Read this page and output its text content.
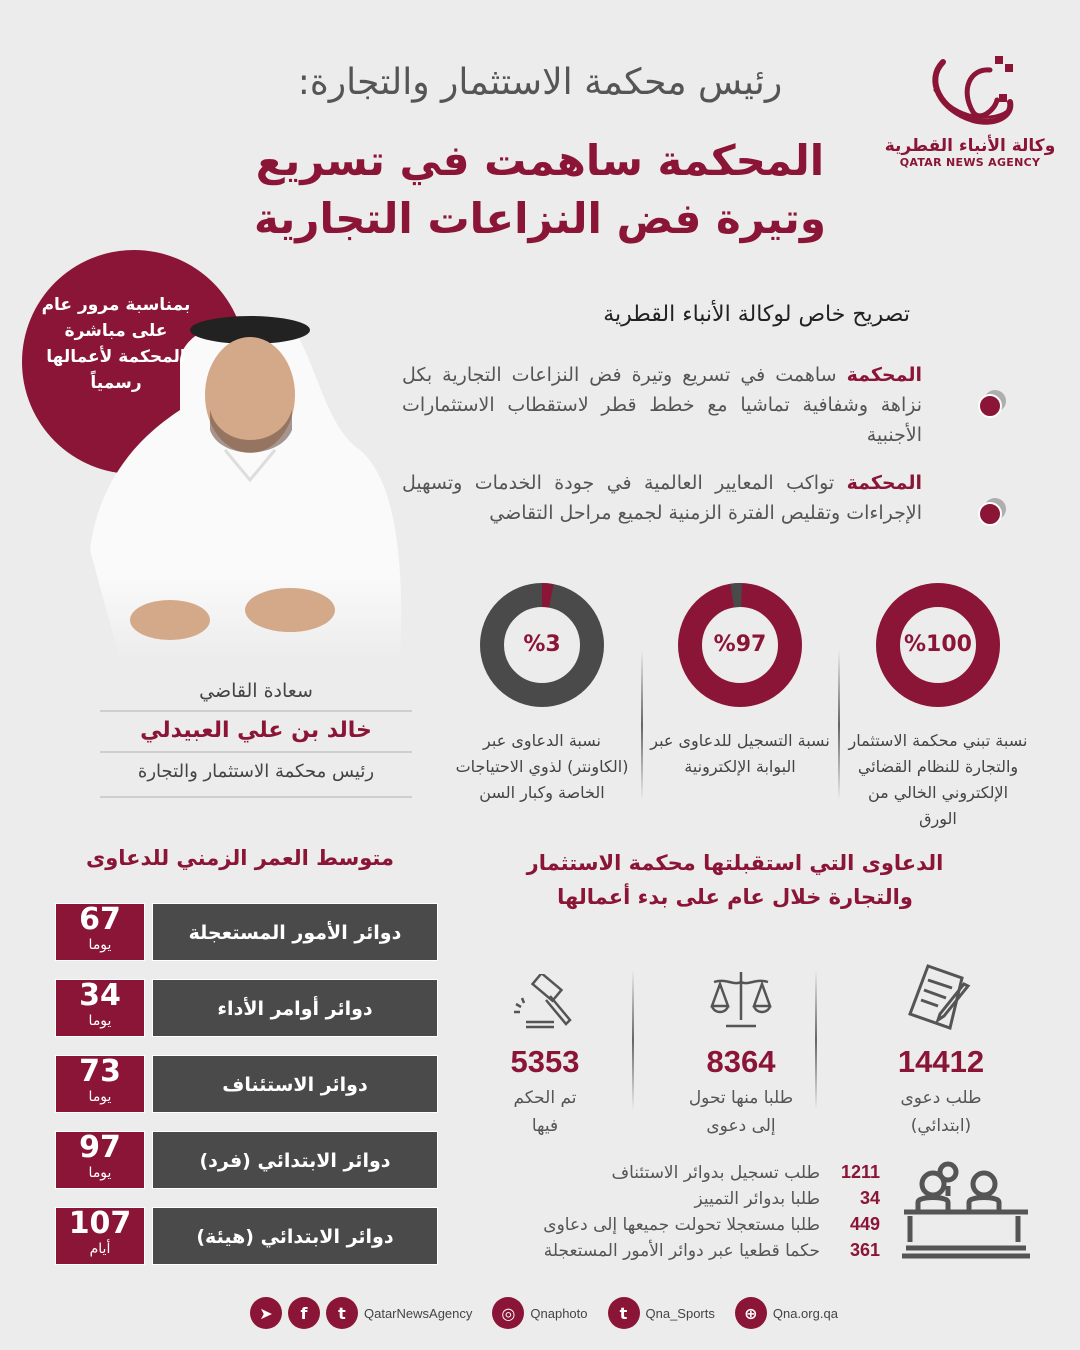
رئيس محكمة الاستثمار والتجارة:
المحكمة ساهمت في تسريع
وتيرة فض النزاعات التجارية
وكالة الأنباء القطرية
QATAR NEWS AGENCY
بمناسبة مرور عام على مباشرة المحكمة لأعمالها رسمياً
سعادة القاضي
خالد بن علي العبيدلي
رئيس محكمة الاستثمار والتجارة
تصريح خاص لوكالة الأنباء القطرية
المحكمة ساهمت في تسريع وتيرة فض النزاعات التجارية بكل نزاهة وشفافية تماشيا مع خطط قطر لاستقطاب الاستثمارات الأجنبية
المحكمة تواكب المعايير العالمية في جودة الخدمات وتسهيل الإجراءات وتقليص الفترة الزمنية لجميع مراحل التقاضي
%100
نسبة تبني محكمة الاستثمار والتجارة للنظام القضائي الإلكتروني الخالي من الورق
%97
نسبة التسجيل للدعاوى عبر البوابة الإلكترونية
%3
نسبة الدعاوى عبر (الكاونتر) لذوي الاحتياجات الخاصة وكبار السن
متوسط العمر الزمني للدعاوى
67
يوما
دوائر الأمور المستعجلة
34
يوما
دوائر أوامر الأداء
73
يوما
دوائر الاستئناف
97
يوما
دوائر الابتدائي (فرد)
107
أيام
دوائر الابتدائي (هيئة)
الدعاوى التي استقبلتها محكمة الاستثمار والتجارة خلال عام على بدء أعمالها
14412
طلب دعوى
(ابتدائي)
8364
طلبا منها تحول
إلى دعوى
5353
تم الحكم
فيها
1211طلب تسجيل بدوائر الاستئناف
34طلبا بدوائر التمييز
449طلبا مستعجلا تحولت جميعها إلى دعاوى
361حكما قطعيا عبر دوائر الأمور المستعجلة
➤	f	t	QatarNewsAgency	◎	Qnaphoto	t	Qna_Sports	⊕	Qna.org.qa
